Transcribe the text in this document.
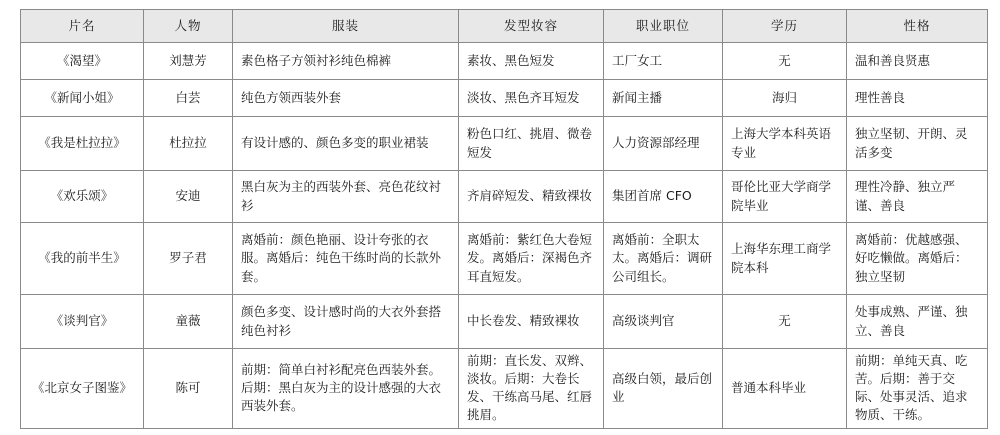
片名	人物	服装	发型妆容	职业职位	学历	性格
《渴望》	刘慧芳	素色格子方领衬衫纯色棉裤	素妆、黑色短发	工厂女工	无	温和善良贤惠
《新闻小姐》	白芸	纯色方领西装外套	淡妆、黑色齐耳短发	新闻主播	海归	理性善良
《我是杜拉拉》	杜拉拉	有设计感的、颜色多变的职业裙装	粉色口红、挑眉、微卷短发	人力资源部经理	上海大学本科英语专业	独立坚韧、开朗、灵活多变
《欢乐颂》	安迪	黑白灰为主的西装外套、亮色花纹衬衫	齐肩碎短发、精致裸妆	集团首席 CFO	哥伦比亚大学商学院毕业	理性冷静、独立严谨、善良
《我的前半生》	罗子君	离婚前：颜色艳丽、设计夸张的衣服。离婚后：纯色干练时尚的长款外套。	离婚前：紫红色大卷短发。离婚后：深褐色齐耳直短发。	离婚前：全职太太。离婚后：调研公司组长。	上海华东理工商学院本科	离婚前：优越感强、好吃懒做。离婚后：独立坚韧
《谈判官》	童薇	颜色多变、设计感时尚的大衣外套搭纯色衬衫	中长卷发、精致裸妆	高级谈判官	无	处事成熟、严谨、独立、善良
《北京女子图鉴》	陈可	前期：简单白衬衫配亮色西装外套。后期：黑白灰为主的设计感强的大衣西装外套。	前期：直长发、双辫、淡妆。后期：大卷长发、干练高马尾、红唇挑眉。	高级白领，最后创业	普通本科毕业	前期：单纯天真、吃苦。后期：善于交际、处事灵活、追求物质、干练。
